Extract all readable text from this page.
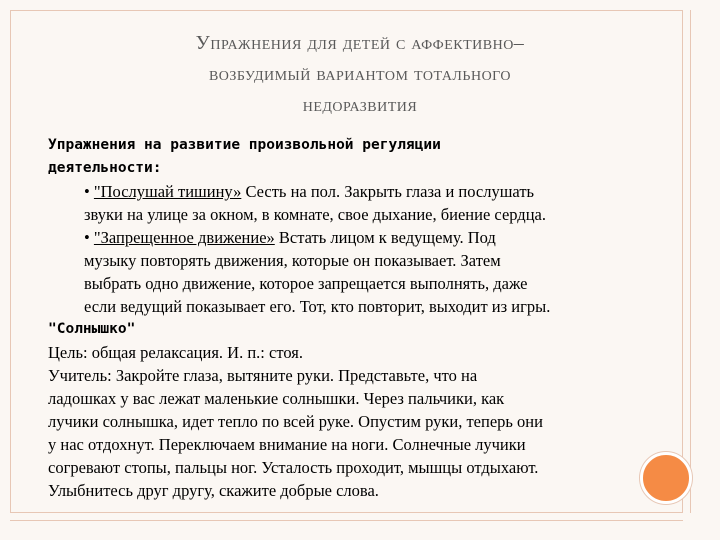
Упражнения для детей с аффективно–
возбудимый вариантом тотального
недоразвития
Упражнения на развитие произвольной регуляции
деятельности:
• "Послушай тишину» Сесть на пол. Закрыть глаза и послушать
звуки на улице за окном, в комнате, свое дыхание, биение сердца.
• "Запрещенное движение» Встать лицом к ведущему. Под
музыку повторять движения, которые он показывает. Затем
выбрать одно движение, которое запрещается выполнять, даже
если ведущий показывает его. Тот, кто повторит, выходит из игры.
"Солнышко"
Цель: общая релаксация. И. п.: стоя.
Учитель: Закройте глаза, вытяните руки. Представьте, что на
ладошках у вас лежат маленькие солнышки. Через пальчики, как
лучики солнышка, идет тепло по всей руке. Опустим руки, теперь они
у нас отдохнут. Переключаем внимание на ноги. Солнечные лучики
согревают стопы, пальцы ног. Усталость проходит, мышцы отдыхают.
Улыбнитесь друг другу, скажите добрые слова.
